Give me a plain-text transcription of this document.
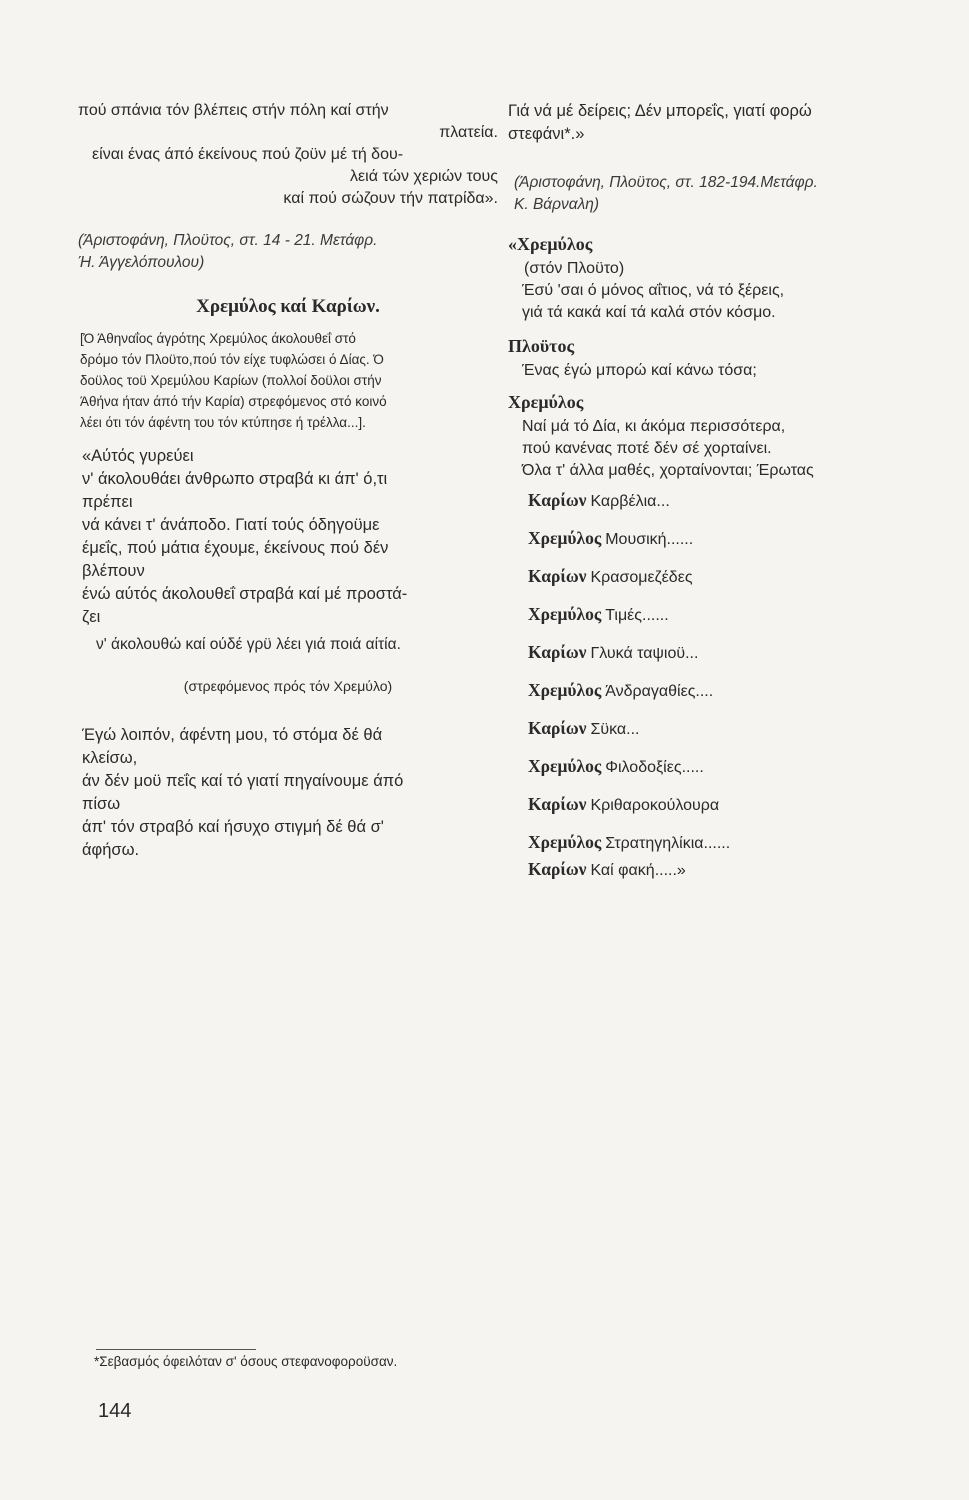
πού σπάνια τόν βλέπεις στήν πόλη καί στήν

πλατεία.

είναι ένας άπό έκείνους πού ζοϋν μέ τή δου-

λειά τών χεριών τους

καί πού σώζουν τήν πατρίδα».

(Άριστοφάνη, Πλοϋτος, στ. 14 - 21. Μετάφρ.

Ή. Άγγελόπουλου)

Χρεμύλος καί Καρίων.

[Ό Άθηναΐος άγρότης Χρεμύλος άκολουθεΐ στό

δρόμο τόν Πλοϋτο,πού τόν είχε τυφλώσει ό Δίας. Ό

δοϋλος τοϋ Χρεμύλου Καρίων (πολλοί δοϋλοι στήν

Άθήνα ήταν άπό τήν Καρία) στρεφόμενος στό κοινό

λέει ότι τόν άφέντη του τόν κτύπησε ή τρέλλα...].

«Αύτός γυρεύει

ν' άκολουθάει άνθρωπο στραβά κι άπ' ό,τι

πρέπει

νά κάνει τ' άνάποδο. Γιατί τούς όδηγοϋμε

έμεΐς, πού μάτια έχουμε, έκείνους πού δέν

βλέπουν

ένώ αύτός άκολουθεΐ στραβά καί μέ προστά-

ζει

ν' άκολουθώ καί ούδέ γρϋ λέει γιά ποιά αίτία.

(στρεφόμενος πρός τόν Χρεμύλο)

Έγώ λοιπόν, άφέντη μου, τό στόμα δέ θά

κλείσω,

άν δέν μοϋ πεΐς καί τό γιατί πηγαίνουμε άπό

πίσω

άπ' τόν στραβό καί ήσυχο στιγμή δέ θά σ'

άφήσω.

Γιά νά μέ δείρεις; Δέν μπορεΐς, γιατί φορώ

στεφάνι*.»

(Άριστοφάνη, Πλοϋτος, στ. 182-194.Μετάφρ.

Κ. Βάρναλη)

«Χρεμύλος

(στόν Πλοϋτο)

Έσύ 'σαι ό μόνος αΐτιος, νά τό ξέρεις,

γιά τά κακά καί τά καλά στόν κόσμο.

Πλοϋτος

Ένας έγώ μπορώ καί κάνω τόσα;

Χρεμύλος

Ναί μά τό Δία, κι άκόμα περισσότερα,

πού κανένας ποτέ δέν σέ χορταίνει.

Όλα τ' άλλα μαθές, χορταίνονται; Έρωτας

Καρίων Καρβέλια...

Χρεμύλος Μουσική......

Καρίων Κρασομεζέδες

Χρεμύλος Τιμές......

Καρίων Γλυκά ταψιοϋ...

Χρεμύλος Άνδραγαθίες....

Καρίων Σϋκα...

Χρεμύλος Φιλοδοξίες.....

Καρίων Κριθαροκούλουρα

Χρεμύλος Στρατηγηλίκια......

Καρίων Καί φακή.....»

*Σεβασμός όφειλόταν σ' όσους στεφανοφοροϋσαν.

144
